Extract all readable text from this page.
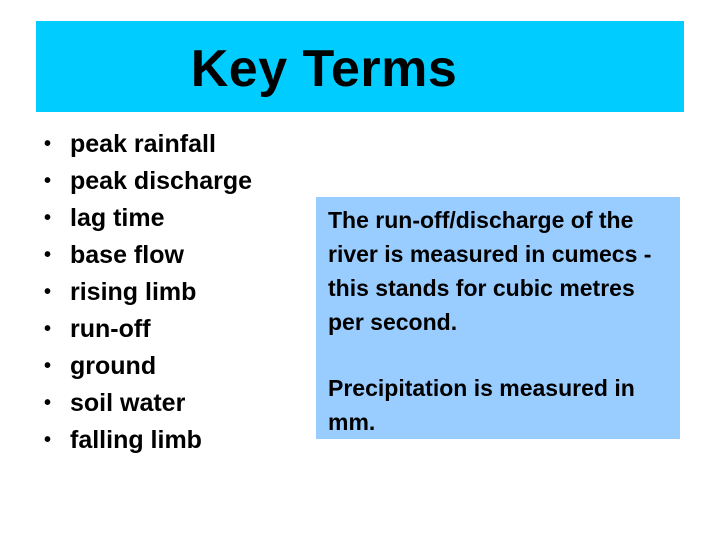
Key Terms
• peak rainfall
• peak discharge
• lag time
• base flow
• rising limb
• run-off
• ground
• soil water
• falling limb

The run-off/discharge of the river is measured in cumecs - this stands for cubic metres per second.

Precipitation is measured in mm.
